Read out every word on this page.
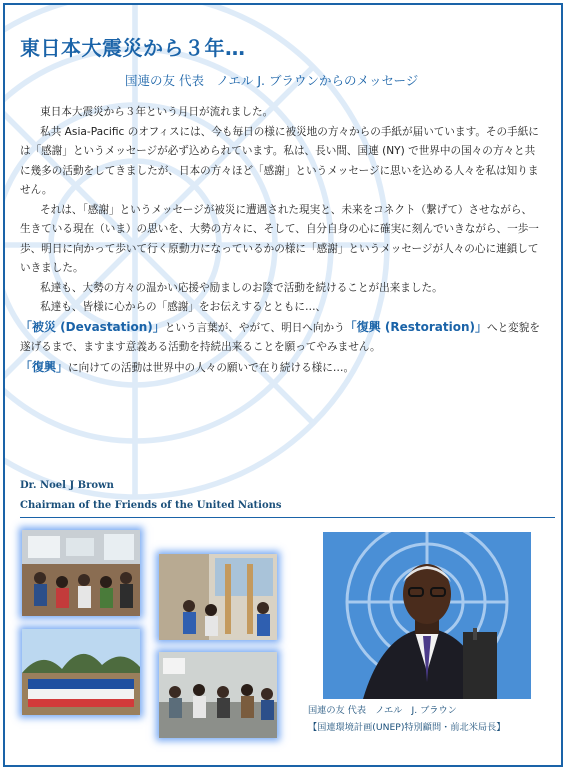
東日本大震災から３年…
国連の友 代表　ノエル J. ブラウンからのメッセージ

東日本大震災から３年という月日が流れました。

私共 Asia-Pacific のオフィスには、今も毎日の様に被災地の方々からの手紙が届いています。その手紙には「感謝」というメッセージが必ず込められています。私は、長い間、国連 (NY) で世界中の国々の方々と共に幾多の活動をしてきましたが、日本の方々ほど「感謝」というメッセージに思いを込める人々を私は知りません。

それは、「感謝」というメッセージが被災に遭遇された現実と、未来をコネクト（繋げて）させながら、生きている現在（いま）の思いを、大勢の方々に、そして、自分自身の心に確実に刻んでいきながら、一歩一歩、明日に向かって歩いて行く原動力になっているかの様に「感謝」というメッセージが人々の心に連鎖していきました。

私達も、大勢の方々の温かい応援や励ましのお陰で活動を続けることが出来ました。

私達も、皆様に心からの「感謝」をお伝えするとともに…、

「被災 (Devastation)」という言葉が、やがて、明日へ向かう「復興 (Restoration)」へと変貌を遂げるまで、ますます意義ある活動を持続出来ることを願ってやみません。

「復興」に向けての活動は世界中の人々の願いで在り続ける様に…。

Dr. Noel J Brown
Chairman of the Friends of the United Nations
国連の友 代表　ノエル　J. ブラウン
【国連環境計画(UNEP)特別顧問・前北米局長】
